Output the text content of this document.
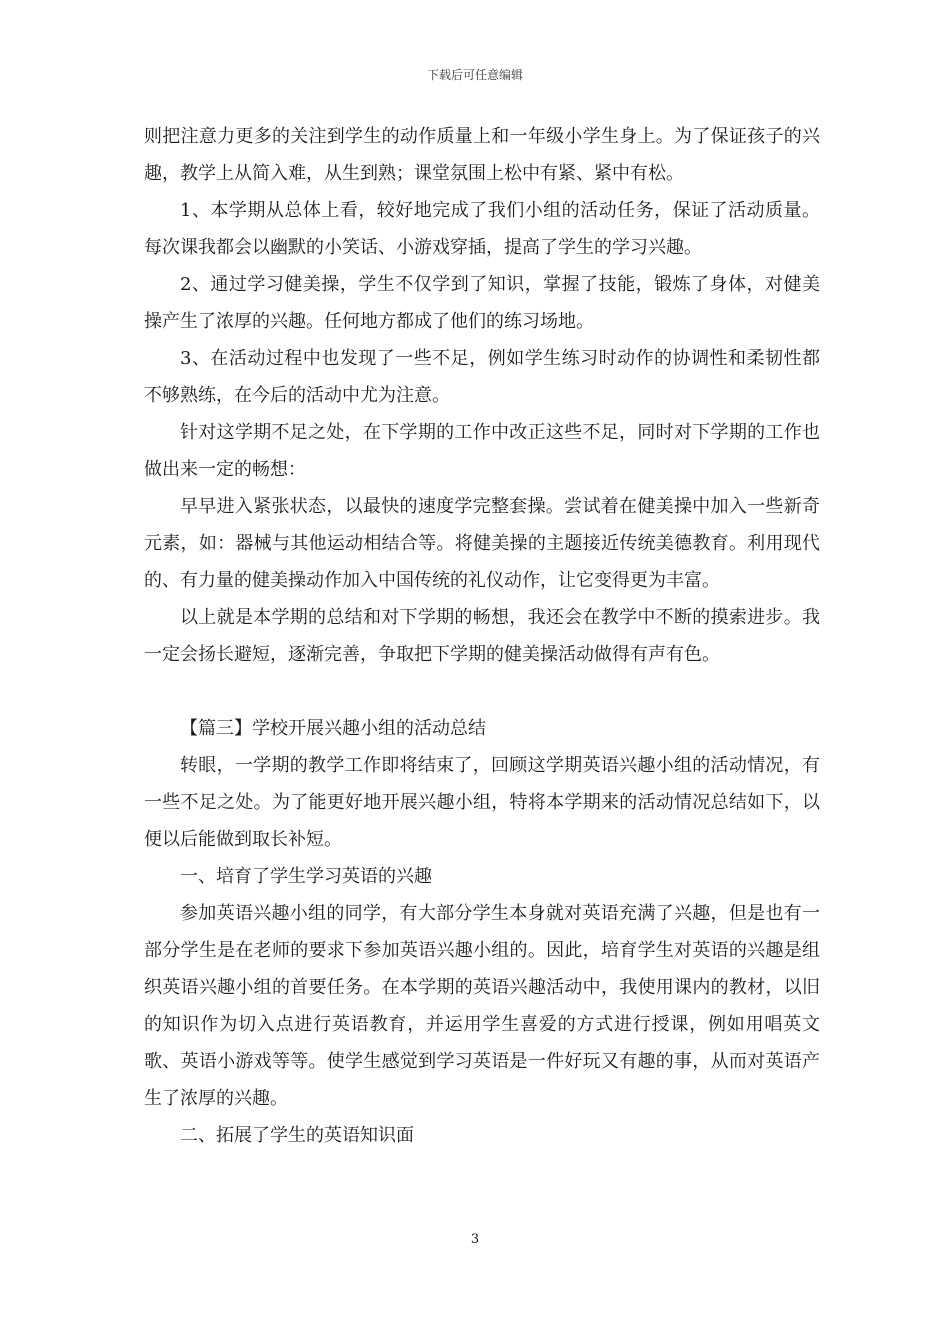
下载后可任意编辑

则把注意力更多的关注到学生的动作质量上和一年级小学生身上。为了保证孩子的兴趣，教学上从简入难，从生到熟；课堂氛围上松中有紧、紧中有松。

1、本学期从总体上看，较好地完成了我们小组的活动任务，保证了活动质量。每次课我都会以幽默的小笑话、小游戏穿插，提高了学生的学习兴趣。

2、通过学习健美操，学生不仅学到了知识，掌握了技能，锻炼了身体，对健美操产生了浓厚的兴趣。任何地方都成了他们的练习场地。

3、在活动过程中也发现了一些不足，例如学生练习时动作的协调性和柔韧性都不够熟练，在今后的活动中尤为注意。

针对这学期不足之处，在下学期的工作中改正这些不足，同时对下学期的工作也做出来一定的畅想：

早早进入紧张状态，以最快的速度学完整套操。尝试着在健美操中加入一些新奇元素，如：器械与其他运动相结合等。将健美操的主题接近传统美德教育。利用现代的、有力量的健美操动作加入中国传统的礼仪动作，让它变得更为丰富。

以上就是本学期的总结和对下学期的畅想，我还会在教学中不断的摸索进步。我一定会扬长避短，逐渐完善，争取把下学期的健美操活动做得有声有色。

【篇三】学校开展兴趣小组的活动总结

转眼，一学期的教学工作即将结束了，回顾这学期英语兴趣小组的活动情况，有一些不足之处。为了能更好地开展兴趣小组，特将本学期来的活动情况总结如下，以便以后能做到取长补短。

一、培育了学生学习英语的兴趣

参加英语兴趣小组的同学，有大部分学生本身就对英语充满了兴趣，但是也有一部分学生是在老师的要求下参加英语兴趣小组的。因此，培育学生对英语的兴趣是组织英语兴趣小组的首要任务。在本学期的英语兴趣活动中，我使用课内的教材，以旧的知识作为切入点进行英语教育，并运用学生喜爱的方式进行授课，例如用唱英文歌、英语小游戏等等。使学生感觉到学习英语是一件好玩又有趣的事，从而对英语产生了浓厚的兴趣。

二、拓展了学生的英语知识面

3
